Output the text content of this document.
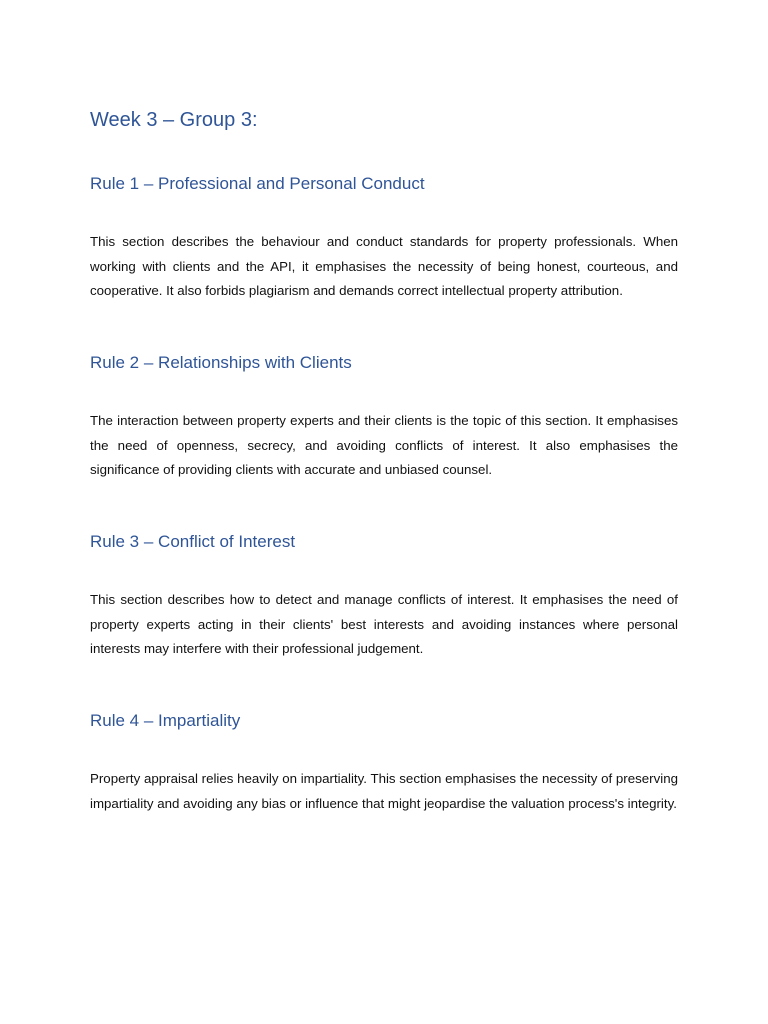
Week 3 – Group 3:
Rule 1 – Professional and Personal Conduct

This section describes the behaviour and conduct standards for property professionals. When working with clients and the API, it emphasises the necessity of being honest, courteous, and cooperative. It also forbids plagiarism and demands correct intellectual property attribution.

Rule 2 – Relationships with Clients

The interaction between property experts and their clients is the topic of this section. It emphasises the need of openness, secrecy, and avoiding conflicts of interest. It also emphasises the significance of providing clients with accurate and unbiased counsel.

Rule 3 – Conflict of Interest

This section describes how to detect and manage conflicts of interest. It emphasises the need of property experts acting in their clients' best interests and avoiding instances where personal interests may interfere with their professional judgement.

Rule 4 – Impartiality

Property appraisal relies heavily on impartiality. This section emphasises the necessity of preserving impartiality and avoiding any bias or influence that might jeopardise the valuation process's integrity.
